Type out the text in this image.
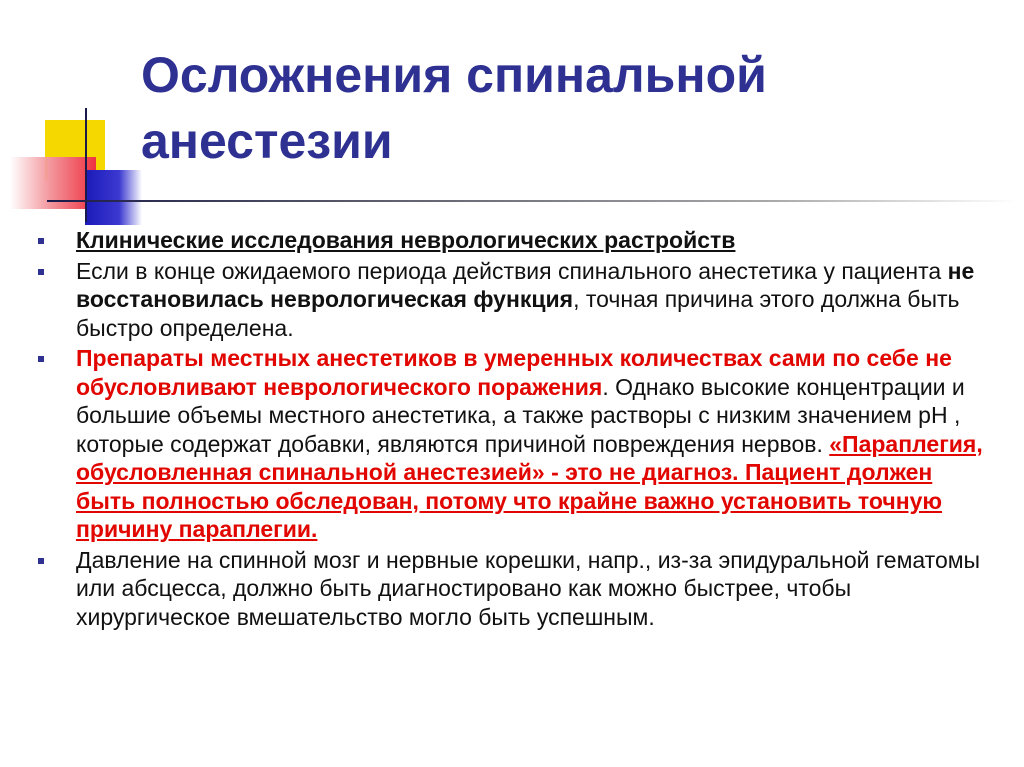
Осложнения спинальной анестезии
Клинические исследования неврологических растройств
Если в конце ожидаемого периода действия спинального анестетика у пациента не восстановилась неврологическая функция, точная причина этого должна быть быстро определена.
Препараты местных анестетиков в умеренных количествах сами по себе не обусловливают неврологического поражения. Однако высокие концентрации и большие объемы местного анестетика, а также растворы с низким значением рН , которые содержат добавки, являются причиной повреждения нервов. «Параплегия, обусловленная спинальной анестезией» - это не диагноз. Пациент должен быть полностью обследован, потому что крайне важно установить точную причину параплегии.
Давление на спинной мозг и нервные корешки, напр., из-за эпидуральной гематомы или абсцесса, должно быть диагностировано как можно быстрее, чтобы хирургическое вмешательство могло быть успешным.
